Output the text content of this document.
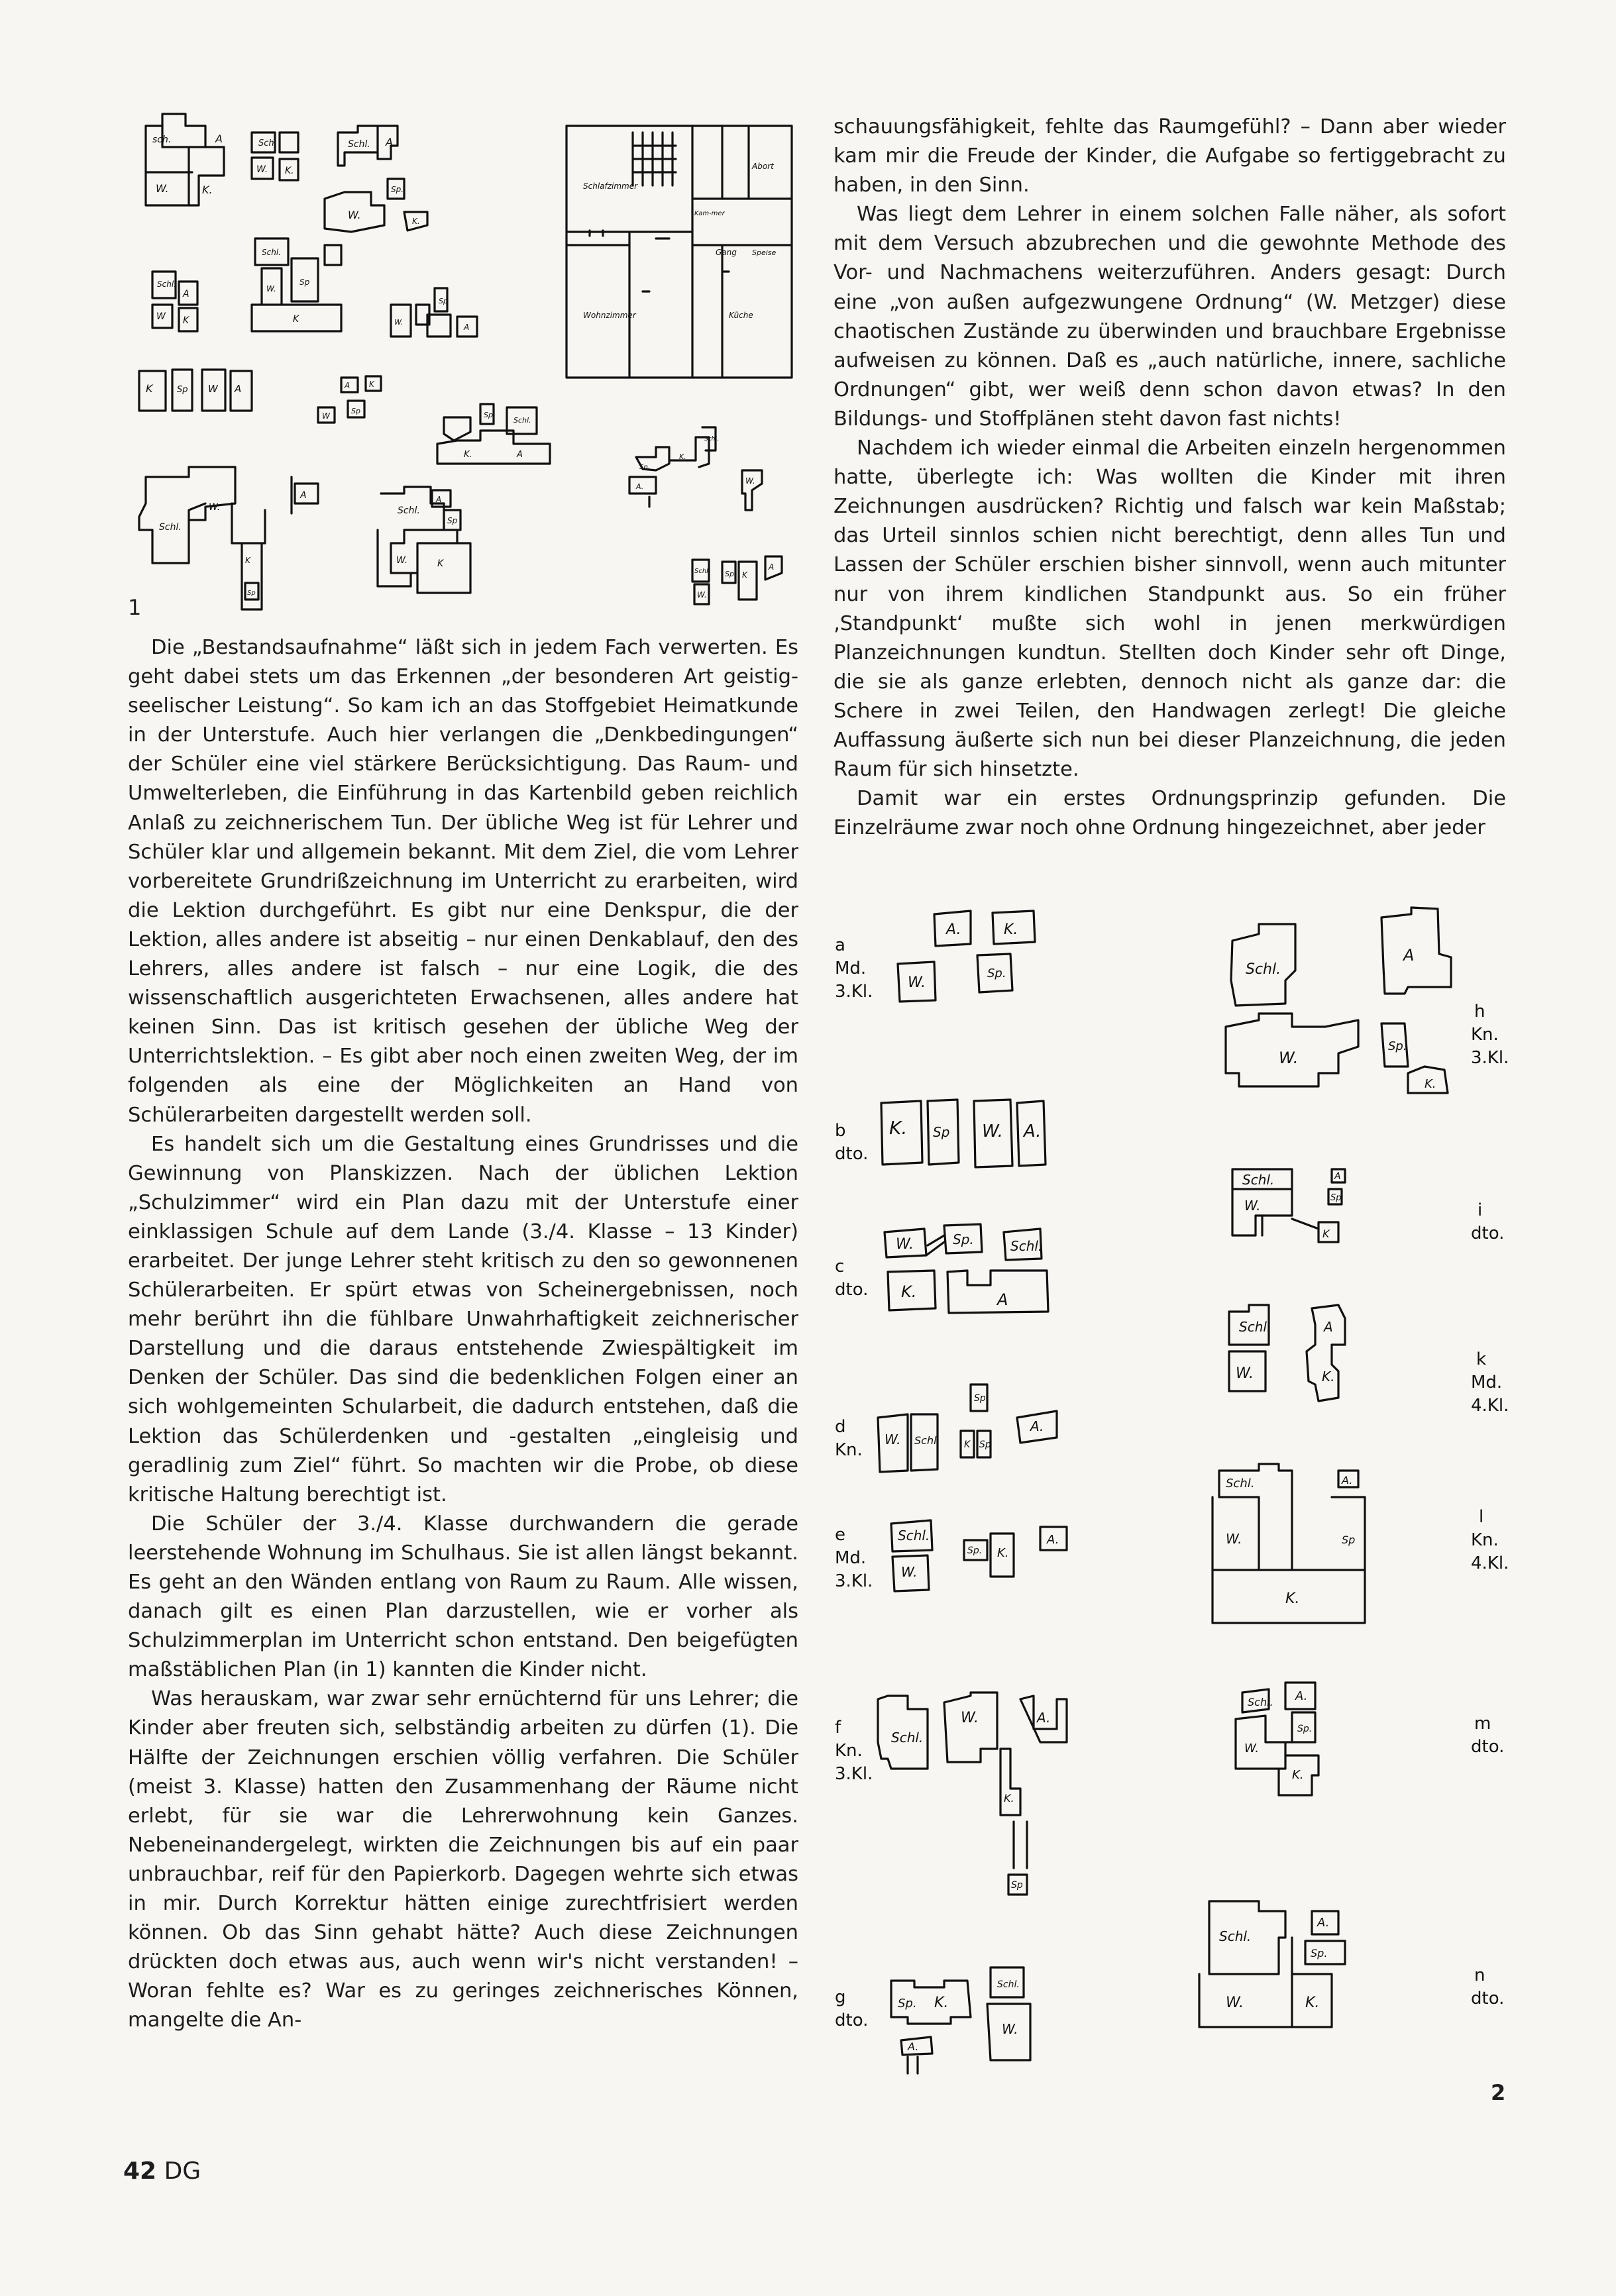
sch.	A
W.	K.
Sch.
W. K.
Schl. A
W.
Sp.
K.
Schl.
A
W K
Schl.
W.
Sp
K	W.
Sp
A
K	Sp W A	A K
W
Sp	Sp.
Schl.
K.	A
Schl.
W.
A
K
Sp
Schl.
W.	K
A
Sp
Schl.
W.
Sp K
A
Sp.
K.
Schl.
A.
W.
Schlafzimmer
Abort
Kam-mer
Gang Speise
Wohnzimmer	Küche
1

Die „Bestandsaufnahme“ läßt sich in jedem Fach verwerten. Es geht dabei stets um das Erkennen „der besonderen Art geistig-seelischer Leistung“. So kam ich an das Stoffgebiet Heimatkunde in der Unterstufe. Auch hier verlangen die „Denkbedingungen“ der Schüler eine viel stärkere Berücksichtigung. Das Raum- und Umwelterleben, die Einführung in das Kartenbild geben reichlich Anlaß zu zeichnerischem Tun. Der übliche Weg ist für Lehrer und Schüler klar und allgemein bekannt. Mit dem Ziel, die vom Lehrer vorbereitete Grundrißzeichnung im Unterricht zu erarbeiten, wird die Lektion durchgeführt. Es gibt nur eine Denkspur, die der Lektion, alles andere ist abseitig – nur einen Denkablauf, den des Lehrers, alles andere ist falsch – nur eine Logik, die des wissenschaftlich ausgerichteten Erwachsenen, alles andere hat keinen Sinn. Das ist kritisch gesehen der übliche Weg der Unterrichtslektion. – Es gibt aber noch einen zweiten Weg, der im folgenden als eine der Möglichkeiten an Hand von Schülerarbeiten dargestellt werden soll.

Es handelt sich um die Gestaltung eines Grundrisses und die Gewinnung von Planskizzen. Nach der üblichen Lektion „Schulzimmer“ wird ein Plan dazu mit der Unterstufe einer einklassigen Schule auf dem Lande (3./4. Klasse – 13 Kinder) erarbeitet. Der junge Lehrer steht kritisch zu den so gewonnenen Schülerarbeiten. Er spürt etwas von Scheinergebnissen, noch mehr berührt ihn die fühlbare Unwahrhaftigkeit zeichnerischer Darstellung und die daraus entstehende Zwiespältigkeit im Denken der Schüler. Das sind die bedenklichen Folgen einer an sich wohlgemeinten Schularbeit, die dadurch entstehen, daß die Lektion das Schülerdenken und -gestalten „eingleisig und geradlinig zum Ziel“ führt. So machten wir die Probe, ob diese kritische Haltung berechtigt ist.

Die Schüler der 3./4. Klasse durchwandern die gerade leerstehende Wohnung im Schulhaus. Sie ist allen längst bekannt. Es geht an den Wänden entlang von Raum zu Raum. Alle wissen, danach gilt es einen Plan darzustellen, wie er vorher als Schulzimmerplan im Unterricht schon entstand. Den beigefügten maßstäblichen Plan (in 1) kannten die Kinder nicht.

Was herauskam, war zwar sehr ernüchternd für uns Lehrer; die Kinder aber freuten sich, selbständig arbeiten zu dürfen (1). Die Hälfte der Zeichnungen erschien völlig verfahren. Die Schüler (meist 3. Klasse) hatten den Zusammenhang der Räume nicht erlebt, für sie war die Lehrerwohnung kein Ganzes. Nebeneinandergelegt, wirkten die Zeichnungen bis auf ein paar unbrauchbar, reif für den Papierkorb. Dagegen wehrte sich etwas in mir. Durch Korrektur hätten einige zurechtfrisiert werden können. Ob das Sinn gehabt hätte? Auch diese Zeichnungen drückten doch etwas aus, auch wenn wir's nicht verstanden! – Woran fehlte es? War es zu geringes zeichnerisches Können, mangelte die An-

schauungsfähigkeit, fehlte das Raumgefühl? – Dann aber wieder kam mir die Freude der Kinder, die Aufgabe so fertiggebracht zu haben, in den Sinn.

Was liegt dem Lehrer in einem solchen Falle näher, als sofort mit dem Versuch abzubrechen und die gewohnte Methode des Vor- und Nachmachens weiterzuführen. Anders gesagt: Durch eine „von außen aufgezwungene Ordnung“ (W. Metzger) diese chaotischen Zustände zu überwinden und brauchbare Ergebnisse aufweisen zu können. Daß es „auch natürliche, innere, sachliche Ordnungen“ gibt, wer weiß denn schon davon etwas? In den Bildungs- und Stoffplänen steht davon fast nichts!

Nachdem ich wieder einmal die Arbeiten einzeln hergenommen hatte, überlegte ich: Was wollten die Kinder mit ihren Zeichnungen ausdrücken? Richtig und falsch war kein Maßstab; das Urteil sinnlos schien nicht berechtigt, denn alles Tun und Lassen der Schüler erschien bisher sinnvoll, wenn auch mitunter nur von ihrem kindlichen Standpunkt aus. So ein früher ‚Standpunkt‘ mußte sich wohl in jenen merkwürdigen Planzeichnungen kundtun. Stellten doch Kinder sehr oft Dinge, die sie als ganze erlebten, dennoch nicht als ganze dar: die Schere in zwei Teilen, den Handwagen zerlegt! Die gleiche Auffassung äußerte sich nun bei dieser Planzeichnung, die jeden Raum für sich hinsetzte.

Damit war ein erstes Ordnungsprinzip gefunden. Die Einzelräume zwar noch ohne Ordnung hingezeichnet, aber jeder

a
Md.
3.Kl.
b
dto.
c
dto.
d
Kn.
e
Md.
3.Kl.
f
Kn.
3.Kl.
g
dto.
h
Kn.
3.Kl.
i
dto.
k
Md.
4.Kl.
l
Kn.
4.Kl.
m
dto.
n
dto.
A.	K.
W.
Sp.	Schl.
A
W.
Sp.
K.
K. Sp W. A.
Schl.
W.
A
Sp
K
W.	Sp.	Schl.
K.	A
Schl.
W.
A
K.
W. Schl.
Sp
K Sp
A.
Schl.
W.
A.
Sp
K.
Schl.
W.
Sp. K.
A.
Schl.
W.	A.
K.
Sp
Schl. A.
Sp.
W.
K.
Schl.
W.	K.
A.
Sp.
Sp. K.
A.
Schl.
W.
2
42 DG
